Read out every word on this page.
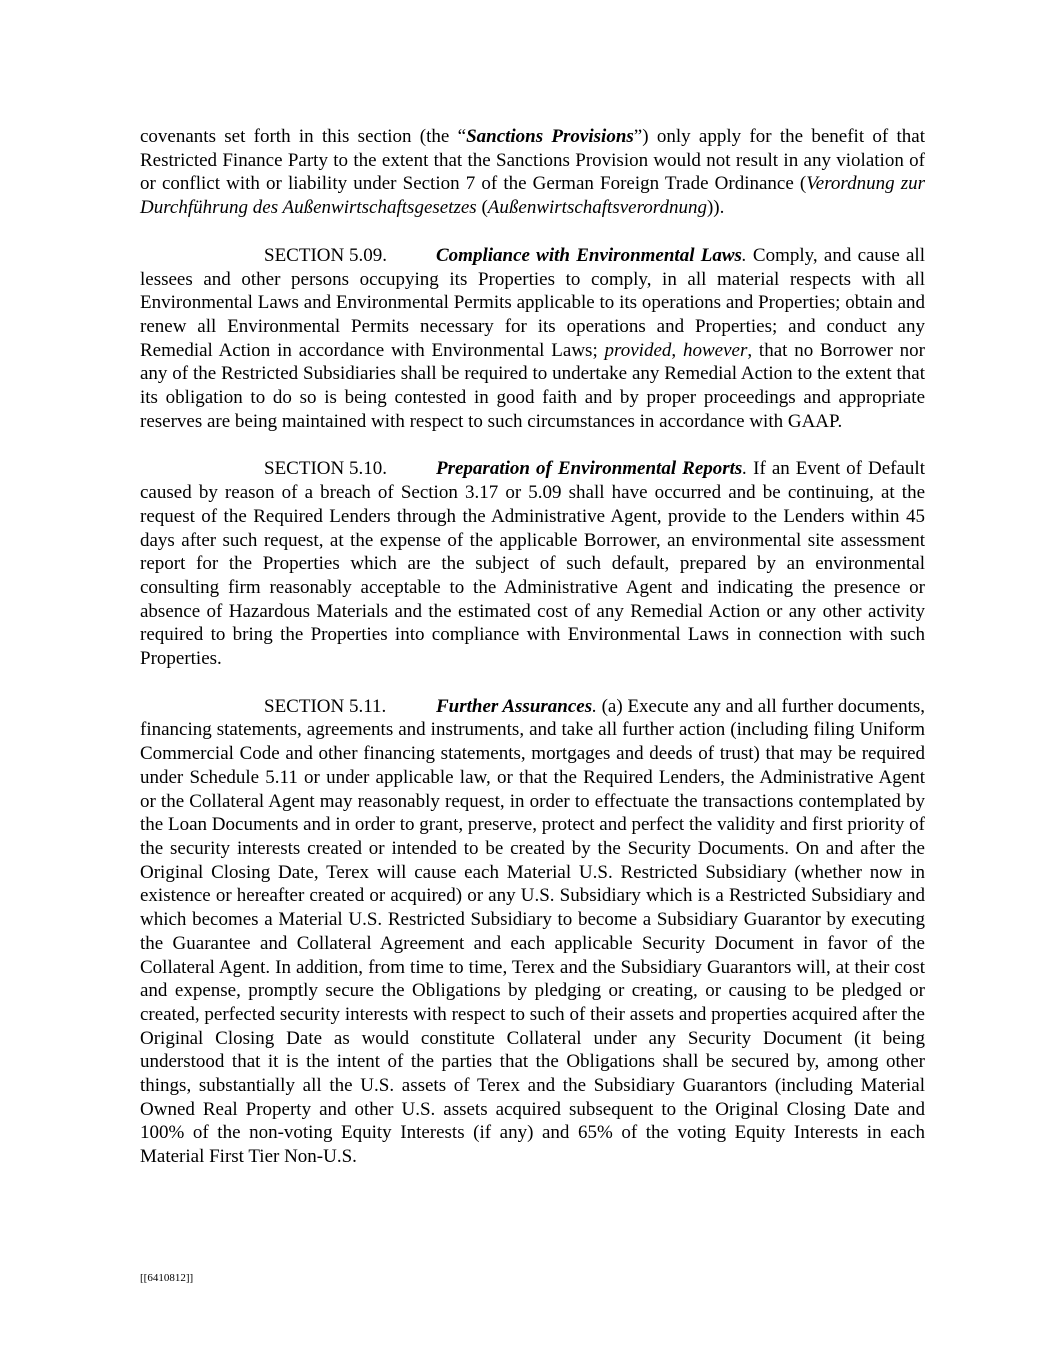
covenants set forth in this section (the “Sanctions Provisions”) only apply for the benefit of that Restricted Finance Party to the extent that the Sanctions Provision would not result in any violation of or conflict with or liability under Section 7 of the German Foreign Trade Ordinance (Verordnung zur Durchführung des Außenwirtschaftsgesetzes (Außenwirtschaftsverordnung)).

SECTION 5.09.	Compliance with Environmental Laws. Comply, and cause all lessees and other persons occupying its Properties to comply, in all material respects with all Environmental Laws and Environmental Permits applicable to its operations and Properties; obtain and renew all Environmental Permits necessary for its operations and Properties; and conduct any Remedial Action in accordance with Environmental Laws; provided, however, that no Borrower nor any of the Restricted Subsidiaries shall be required to undertake any Remedial Action to the extent that its obligation to do so is being contested in good faith and by proper proceedings and appropriate reserves are being maintained with respect to such circumstances in accordance with GAAP.

SECTION 5.10.	Preparation of Environmental Reports. If an Event of Default caused by reason of a breach of Section 3.17 or 5.09 shall have occurred and be continuing, at the request of the Required Lenders through the Administrative Agent, provide to the Lenders within 45 days after such request, at the expense of the applicable Borrower, an environmental site assessment report for the Properties which are the subject of such default, prepared by an environmental consulting firm reasonably acceptable to the Administrative Agent and indicating the presence or absence of Hazardous Materials and the estimated cost of any Remedial Action or any other activity required to bring the Properties into compliance with Environmental Laws in connection with such Properties.

SECTION 5.11.	Further Assurances. (a) Execute any and all further documents, financing statements, agreements and instruments, and take all further action (including filing Uniform Commercial Code and other financing statements, mortgages and deeds of trust) that may be required under Schedule 5.11 or under applicable law, or that the Required Lenders, the Administrative Agent or the Collateral Agent may reasonably request, in order to effectuate the transactions contemplated by the Loan Documents and in order to grant, preserve, protect and perfect the validity and first priority of the security interests created or intended to be created by the Security Documents. On and after the Original Closing Date, Terex will cause each Material U.S. Restricted Subsidiary (whether now in existence or hereafter created or acquired) or any U.S. Subsidiary which is a Restricted Subsidiary and which becomes a Material U.S. Restricted Subsidiary to become a Subsidiary Guarantor by executing the Guarantee and Collateral Agreement and each applicable Security Document in favor of the Collateral Agent. In addition, from time to time, Terex and the Subsidiary Guarantors will, at their cost and expense, promptly secure the Obligations by pledging or creating, or causing to be pledged or created, perfected security interests with respect to such of their assets and properties acquired after the Original Closing Date as would constitute Collateral under any Security Document (it being understood that it is the intent of the parties that the Obligations shall be secured by, among other things, substantially all the U.S. assets of Terex and the Subsidiary Guarantors (including Material Owned Real Property and other U.S. assets acquired subsequent to the Original Closing Date and 100% of the non-voting Equity Interests (if any) and 65% of the voting Equity Interests in each Material First Tier Non-U.S.

[[6410812]]
